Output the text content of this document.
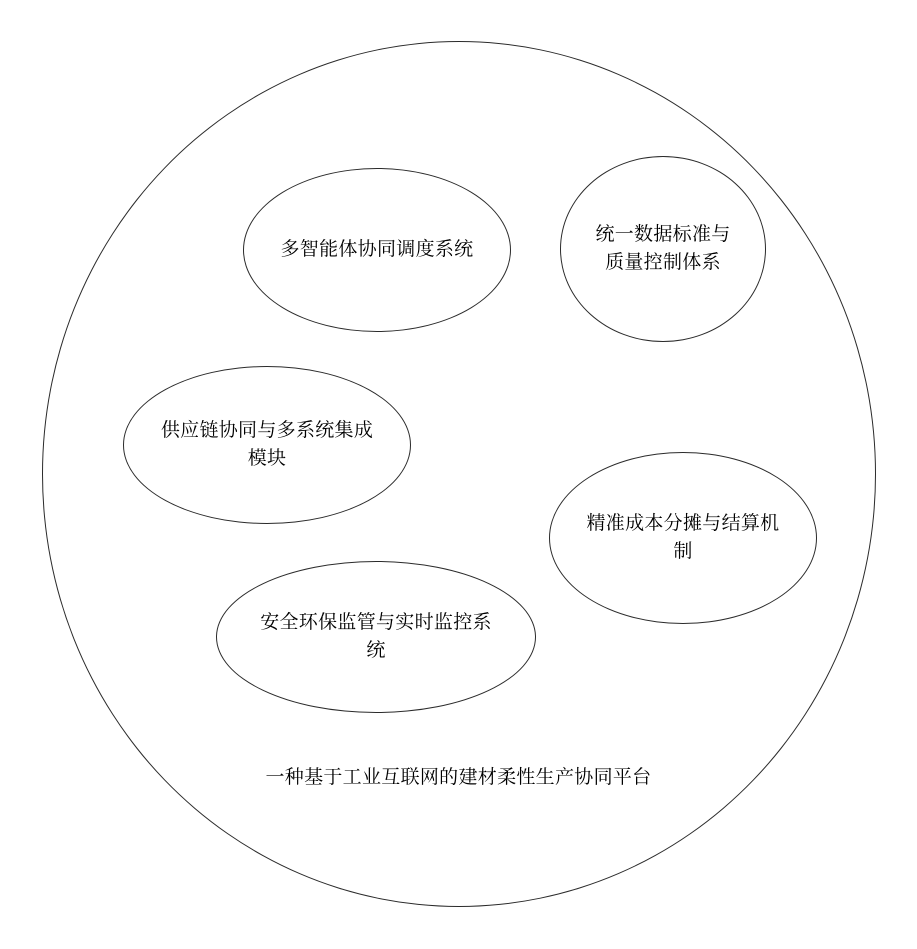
一种基于工业互联网的建材柔性生产协同平台
多智能体协同调度系统
统一数据标准与
质量控制体系
供应链协同与多系统集成
模块
精准成本分摊与结算机
制
安全环保监管与实时监控系
统
